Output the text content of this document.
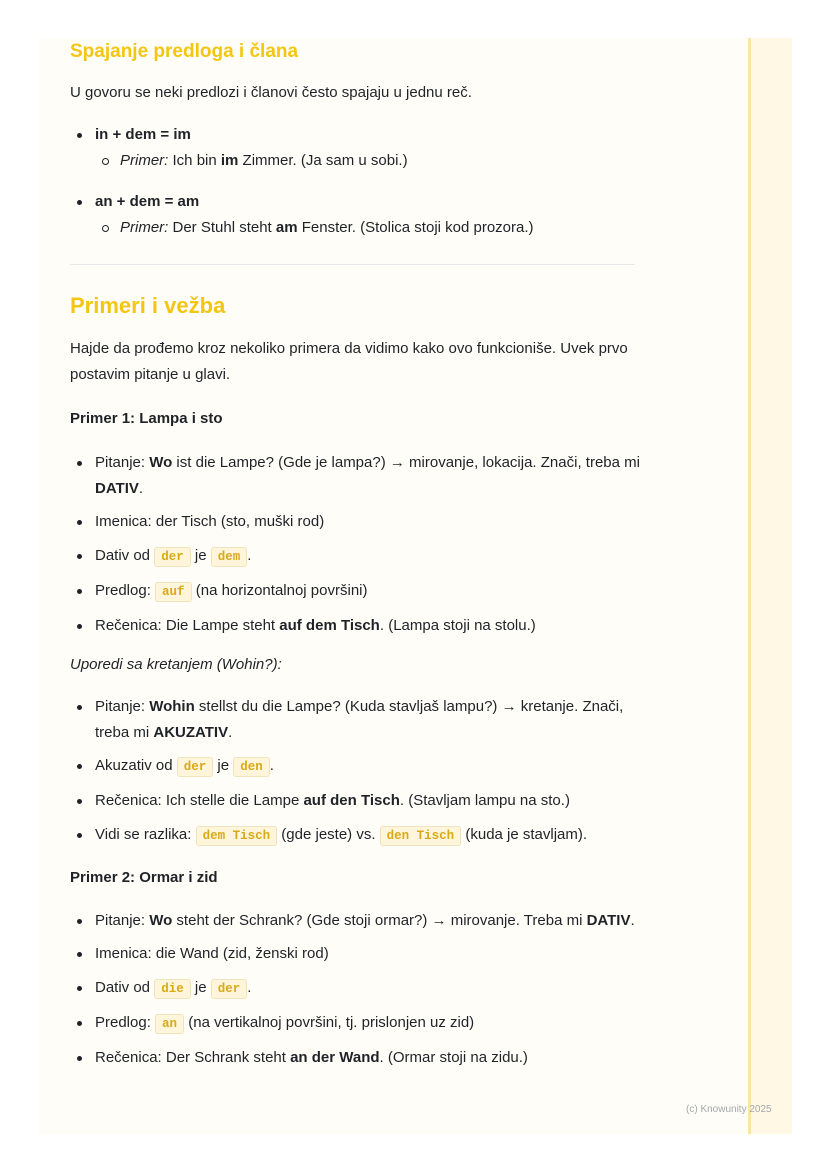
Spajanje predloga i člana

U govoru se neki predlozi i članovi često spajaju u jednu reč.

in + dem = im
Primer: Ich bin im Zimmer. (Ja sam u sobi.)
an + dem = am
Primer: Der Stuhl steht am Fenster. (Stolica stoji kod prozora.)
Primeri i vežba

Hajde da prođemo kroz nekoliko primera da vidimo kako ovo funkcioniše. Uvek prvo postavim pitanje u glavi.

Primer 1: Lampa i sto

Pitanje: Wo ist die Lampe? (Gde je lampa?) → mirovanje, lokacija. Znači, treba mi DATIV.
Imenica: der Tisch (sto, muški rod)
Dativ od der je dem .
Predlog: auf (na horizontalnoj površini)
Rečenica: Die Lampe steht auf dem Tisch. (Lampa stoji na stolu.)

Uporedi sa kretanjem (Wohin?):

Pitanje: Wohin stellst du die Lampe? (Kuda stavljaš lampu?) → kretanje. Znači, treba mi AKUZATIV.
Akuzativ od der je den .
Rečenica: Ich stelle die Lampe auf den Tisch. (Stavljam lampu na sto.)
Vidi se razlika: dem Tisch (gde jeste) vs. den Tisch (kuda je stavljam).

Primer 2: Ormar i zid

Pitanje: Wo steht der Schrank? (Gde stoji ormar?) → mirovanje. Treba mi DATIV.
Imenica: die Wand (zid, ženski rod)
Dativ od die je der .
Predlog: an (na vertikalnoj površini, tj. prislonjen uz zid)
Rečenica: Der Schrank steht an der Wand. (Ormar stoji na zidu.)
(c) Knowunity 2025
